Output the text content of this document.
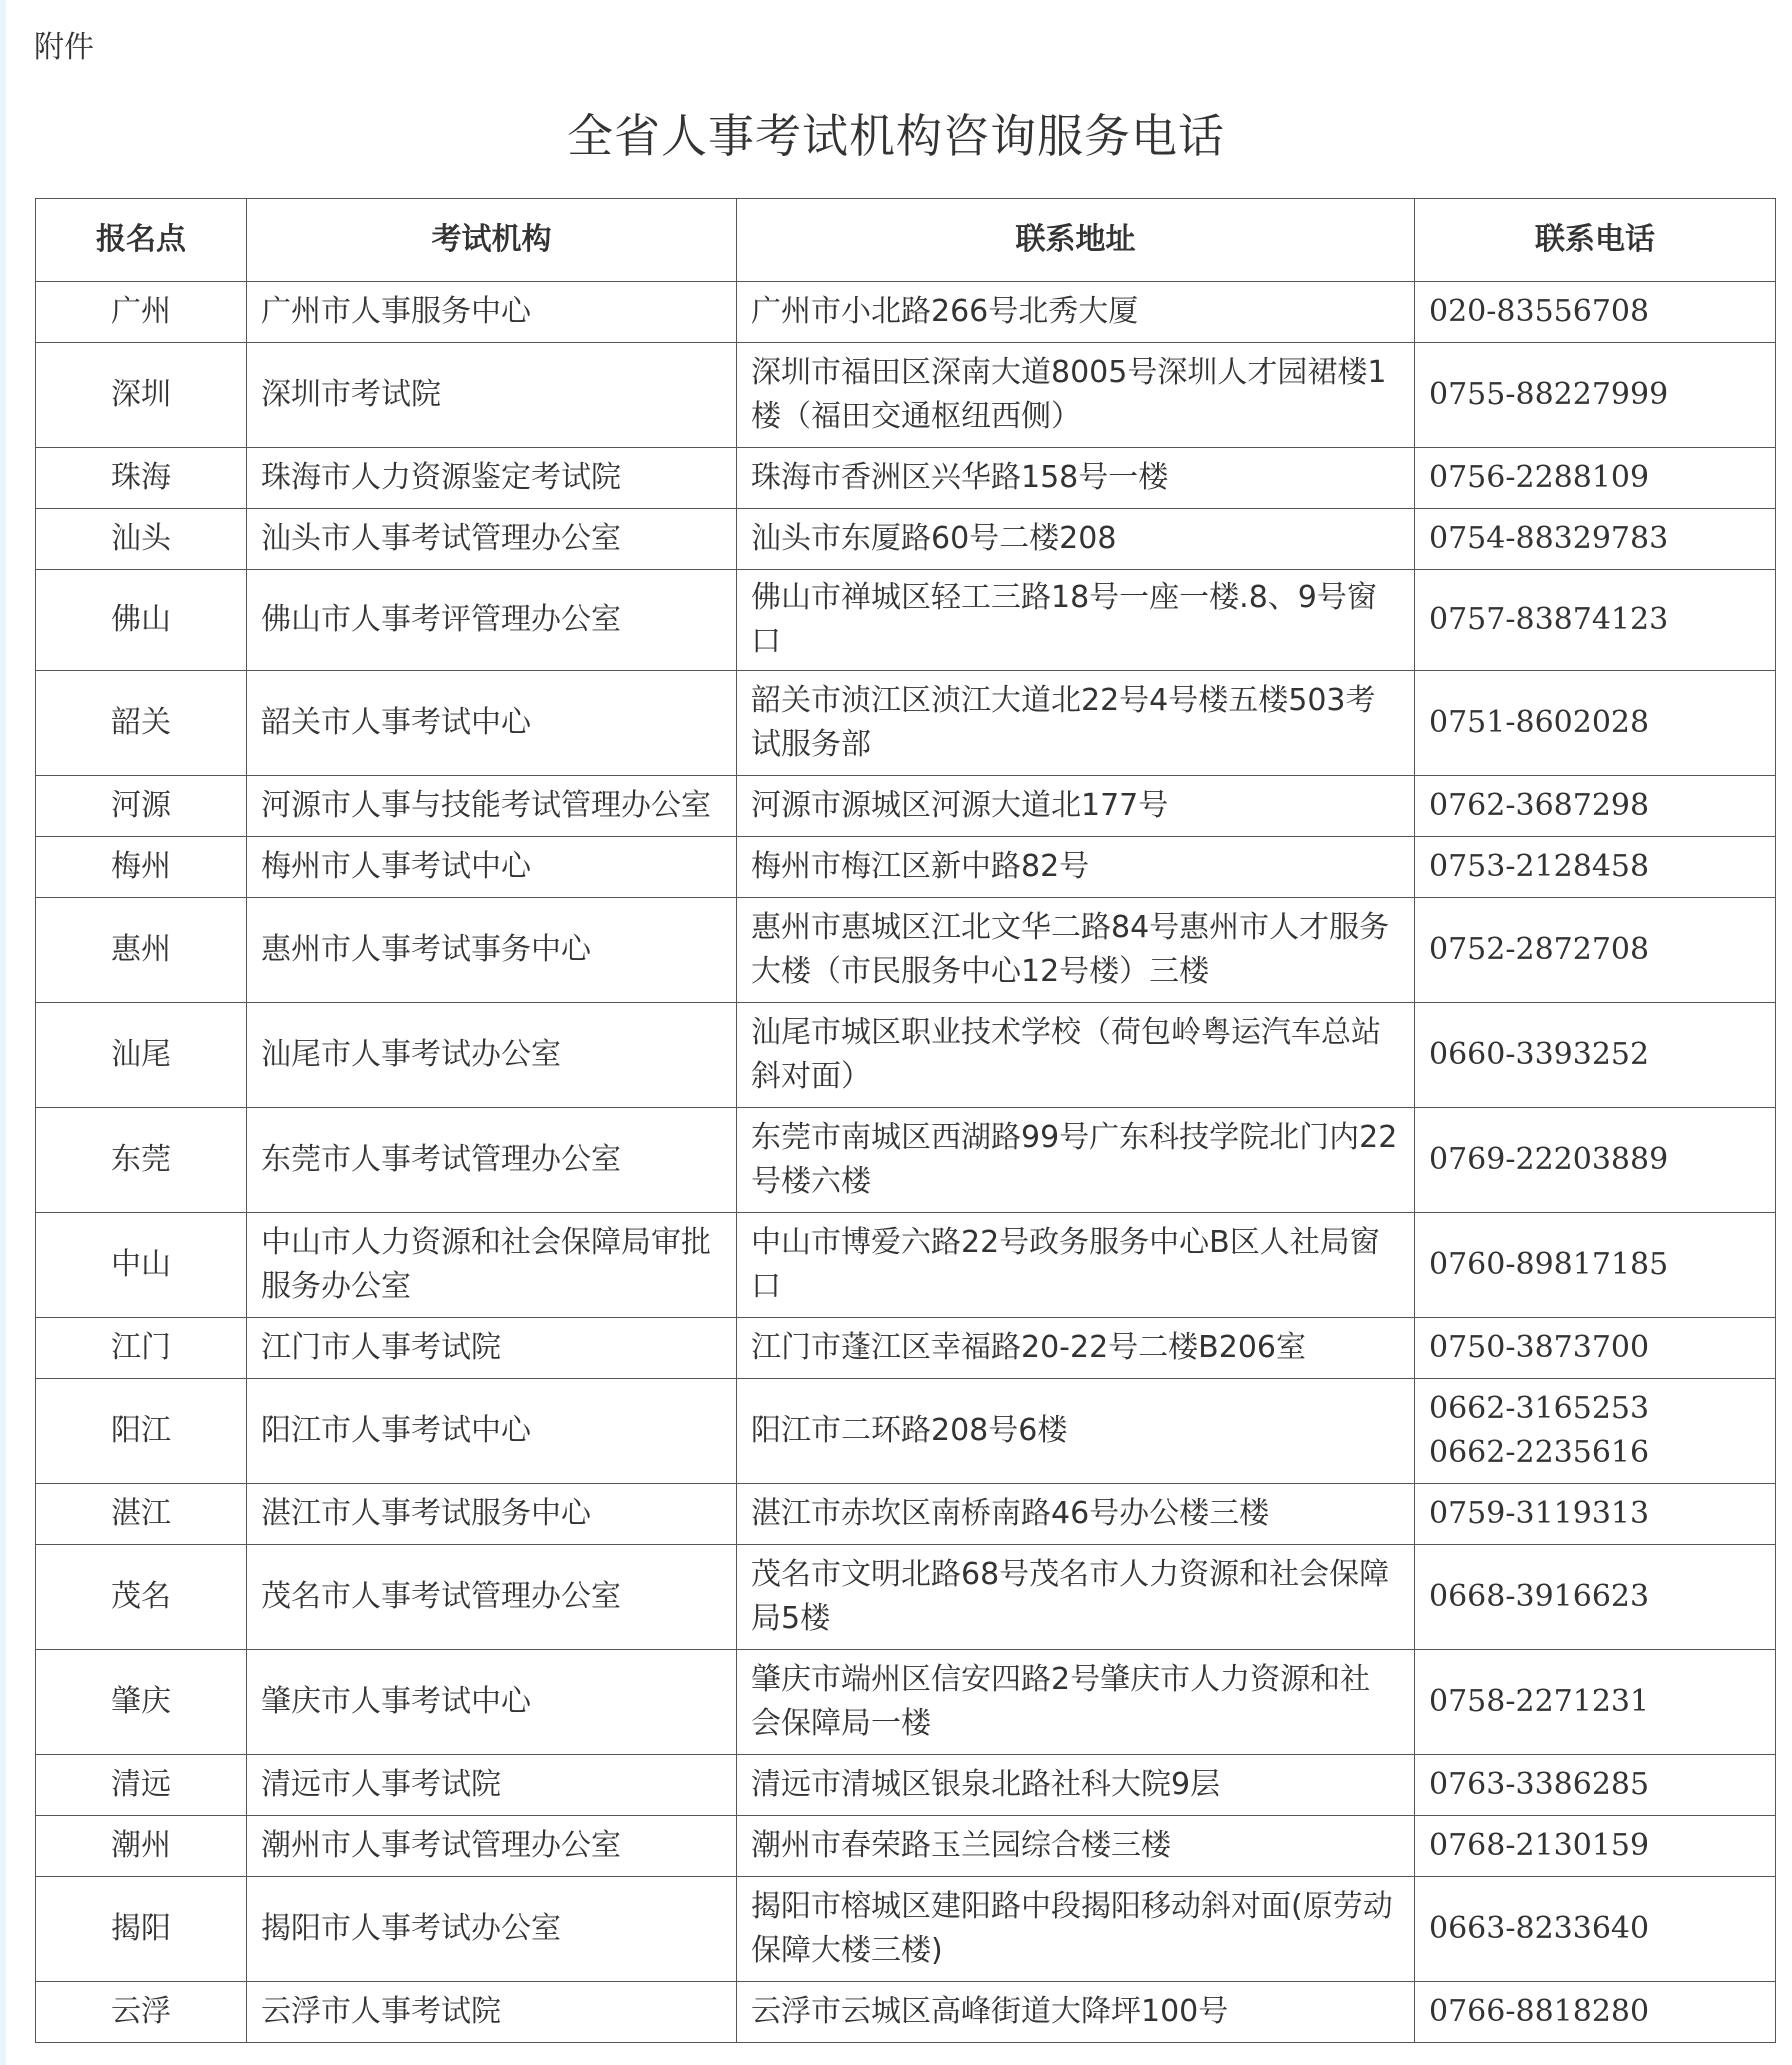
附件
全省人事考试机构咨询服务电话
报名点	考试机构	联系地址	联系电话
广州	广州市人事服务中心	广州市小北路266号北秀大厦	020-83556708

深圳	深圳市考试院	深圳市福田区深南大道8005号深圳人才园裙楼1楼（福田交通枢纽西侧）	0755-88227999

珠海	珠海市人力资源鉴定考试院	珠海市香洲区兴华路158号一楼	0756-2288109

汕头	汕头市人事考试管理办公室	汕头市东厦路60号二楼208	0754-88329783

佛山	佛山市人事考评管理办公室	佛山市禅城区轻工三路18号一座一楼.8、9号窗口	0757-83874123

韶关	韶关市人事考试中心	韶关市浈江区浈江大道北22号4号楼五楼503考试服务部	0751-8602028

河源	河源市人事与技能考试管理办公室	河源市源城区河源大道北177号	0762-3687298

梅州	梅州市人事考试中心	梅州市梅江区新中路82号	0753-2128458

惠州	惠州市人事考试事务中心	惠州市惠城区江北文华二路84号惠州市人才服务大楼（市民服务中心12号楼）三楼	0752-2872708

汕尾	汕尾市人事考试办公室	汕尾市城区职业技术学校（荷包岭粤运汽车总站斜对面）	0660-3393252

东莞	东莞市人事考试管理办公室	东莞市南城区西湖路99号广东科技学院北门内22号楼六楼	0769-22203889

中山	中山市人力资源和社会保障局审批服务办公室	中山市博爱六路22号政务服务中心B区人社局窗口	0760-89817185

江门	江门市人事考试院	江门市蓬江区幸福路20-22号二楼B206室	0750-3873700

阳江	阳江市人事考试中心	阳江市二环路208号6楼	0662-3165253
0662-2235616

湛江	湛江市人事考试服务中心	湛江市赤坎区南桥南路46号办公楼三楼	0759-3119313

茂名	茂名市人事考试管理办公室	茂名市文明北路68号茂名市人力资源和社会保障局5楼	0668-3916623

肇庆	肇庆市人事考试中心	肇庆市端州区信安四路2号肇庆市人力资源和社会保障局一楼	0758-2271231

清远	清远市人事考试院	清远市清城区银泉北路社科大院9层	0763-3386285

潮州	潮州市人事考试管理办公室	潮州市春荣路玉兰园综合楼三楼	0768-2130159

揭阳	揭阳市人事考试办公室	揭阳市榕城区建阳路中段揭阳移动斜对面(原劳动保障大楼三楼)	0663-8233640

云浮	云浮市人事考试院	云浮市云城区高峰街道大降坪100号	0766-8818280
